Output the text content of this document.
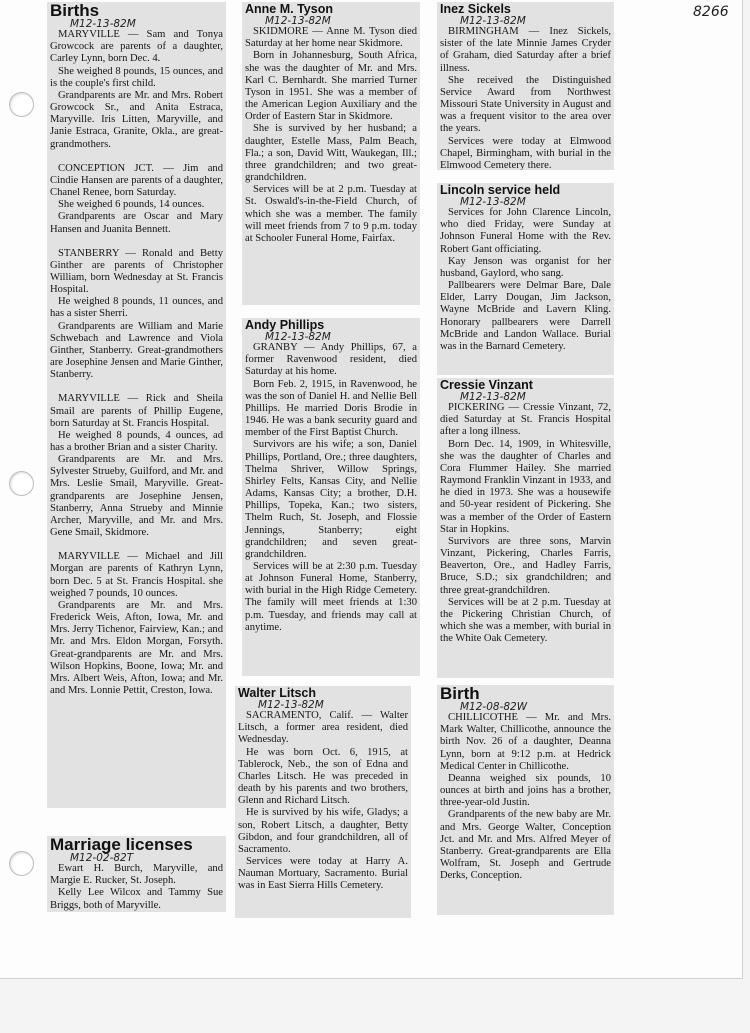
8266
Births
M12-13-82M

MARYVILLE — Sam and Tonya Growcock are parents of a daughter, Carley Lynn, born Dec. 4.

She weighed 8 pounds, 15 ounces, and is the couple's first child.

Grandparents are Mr. and Mrs. Robert Growcock Sr., and Anita Estraca, Maryville. Iris Litten, Maryville, and Janie Estraca, Granite, Okla., are great-grandmothers.

CONCEPTION JCT. — Jim and Cindie Hansen are parents of a daughter, Chanel Renee, born Saturday.

She weighed 6 pounds, 14 ounces.

Grandparents are Oscar and Mary Hansen and Juanita Bennett.

STANBERRY — Ronald and Betty Ginther are parents of Christopher William, born Wednesday at St. Francis Hospital.

He weighed 8 pounds, 11 ounces, and has a sister Sherri.

Grandparents are William and Marie Schwebach and Lawrence and Viola Ginther, Stanberry. Great-grandmothers are Josephine Jensen and Marie Ginther, Stanberry.

MARYVILLE — Rick and Sheila Smail are parents of Phillip Eugene, born Saturday at St. Francis Hospital.

He weighed 8 pounds, 4 ounces, ad has a brother Brian and a sister Charity.

Grandparents are Mr. and Mrs. Sylvester Strueby, Guilford, and Mr. and Mrs. Leslie Smail, Maryville. Great-grandparents are Josephine Jensen, Stanberry, Anna Strueby and Minnie Archer, Maryville, and Mr. and Mrs. Gene Smail, Skidmore.

MARYVILLE — Michael and Jill Morgan are parents of Kathryn Lynn, born Dec. 5 at St. Francis Hospital. she weighed 7 pounds, 10 ounces.

Grandparents are Mr. and Mrs. Frederick Weis, Afton, Iowa, Mr. and Mrs. Jerry Tichenor, Fairview, Kan.; and Mr. and Mrs. Eldon Morgan, Forsyth. Great-grandparents are Mr. and Mrs. Wilson Hopkins, Boone, Iowa; Mr. and Mrs. Albert Weis, Afton, Iowa; and Mr. and Mrs. Lonnie Pettit, Creston, Iowa.

Marriage licenses
M12-02-82T

Ewart H. Burch, Maryville, and Margie E. Rucker, St. Joseph.

Kelly Lee Wilcox and Tammy Sue Briggs, both of Maryville.

Anne M. Tyson
M12-13-82M

SKIDMORE — Anne M. Tyson died Saturday at her home near Skidmore.

Born in Johannesburg, South Africa, she was the daughter of Mr. and Mrs. Karl C. Bernhardt. She married Turner Tyson in 1951. She was a member of the American Legion Auxiliary and the Order of Eastern Star in Skidmore.

She is survived by her husband; a daughter, Estelle Mass, Palm Beach, Fla.; a son, David Witt, Waukegan, Ill.; three grandchildren; and two great-grandchildren.

Services will be at 2 p.m. Tuesday at St. Oswald's-in-the-Field Church, of which she was a member. The family will meet friends from 7 to 9 p.m. today at Schooler Funeral Home, Fairfax.

Andy Phillips
M12-13-82M

GRANBY — Andy Phillips, 67, a former Ravenwood resident, died Saturday at his home.

Born Feb. 2, 1915, in Ravenwood, he was the son of Daniel H. and Nellie Bell Phillips. He married Doris Brodie in 1946. He was a bank security guard and member of the First Baptist Church.

Survivors are his wife; a son, Daniel Phillips, Portland, Ore.; three daughters, Thelma Shriver, Willow Springs, Shirley Felts, Kansas City, and Nellie Adams, Kansas City; a brother, D.H. Phillips, Topeka, Kan.; two sisters, Thelm Ruch, St. Joseph, and Flossie Jennings, Stanberry; eight grandchildren; and seven great-grandchildren.

Services will be at 2:30 p.m. Tuesday at Johnson Funeral Home, Stanberry, with burial in the High Ridge Cemetery. The family will meet friends at 1:30 p.m. Tuesday, and friends may call at anytime.

Walter Litsch
M12-13-82M

SACRAMENTO, Calif. — Walter Litsch, a former area resident, died Wednesday.

He was born Oct. 6, 1915, at Tablerock, Neb., the son of Edna and Charles Litsch. He was preceded in death by his parents and two brothers, Glenn and Richard Litsch.

He is survived by his wife, Gladys; a son, Robert Litsch, a daughter, Betty Gibdon, and four grandchildren, all of Sacramento.

Services were today at Harry A. Nauman Mortuary, Sacramento. Burial was in East Sierra Hills Cemetery.

Inez Sickels
M12-13-82M

BIRMINGHAM — Inez Sickels, sister of the late Minnie James Cryder of Graham, died Saturday after a brief illness.

She received the Distinguished Service Award from Northwest Missouri State University in August and was a frequent visitor to the area over the years.

Services were today at Elmwood Chapel, Birmingham, with burial in the Elmwood Cemetery there.

Lincoln service held
M12-13-82M

Services for John Clarence Lincoln, who died Friday, were Sunday at Johnson Funeral Home with the Rev. Robert Gant officiating.

Kay Jenson was organist for her husband, Gaylord, who sang.

Pallbearers were Delmar Bare, Dale Elder, Larry Dougan, Jim Jackson, Wayne McBride and Lavern Kling. Honorary pallbearers were Darrell McBride and Landon Wallace. Burial was in the Barnard Cemetery.

Cressie Vinzant
M12-13-82M

PICKERING — Cressie Vinzant, 72, died Saturday at St. Francis Hospital after a long illness.

Born Dec. 14, 1909, in Whitesville, she was the daughter of Charles and Cora Flummer Hailey. She married Raymond Franklin Vinzant in 1933, and he died in 1973. She was a housewife and 50-year resident of Pickering. She was a member of the Order of Eastern Star in Hopkins.

Survivors are three sons, Marvin Vinzant, Pickering, Charles Farris, Beaverton, Ore., and Hadley Farris, Bruce, S.D.; six grandchildren; and three great-grandchildren.

Services will be at 2 p.m. Tuesday at the Pickering Christian Church, of which she was a member, with burial in the White Oak Cemetery.

Birth
M12-08-82W

CHILLICOTHE — Mr. and Mrs. Mark Walter, Chillicothe, announce the birth Nov. 26 of a daughter, Deanna Lynn, born at 9:12 p.m. at Hedrick Medical Center in Chillicothe.

Deanna weighed six pounds, 10 ounces at birth and joins has a brother, three-year-old Justin.

Grandparents of the new baby are Mr. and Mrs. George Walter, Conception Jct. and Mr. and Mrs. Alfred Meyer of Stanberry. Great-grandparents are Ella Wolfram, St. Joseph and Gertrude Derks, Conception.
